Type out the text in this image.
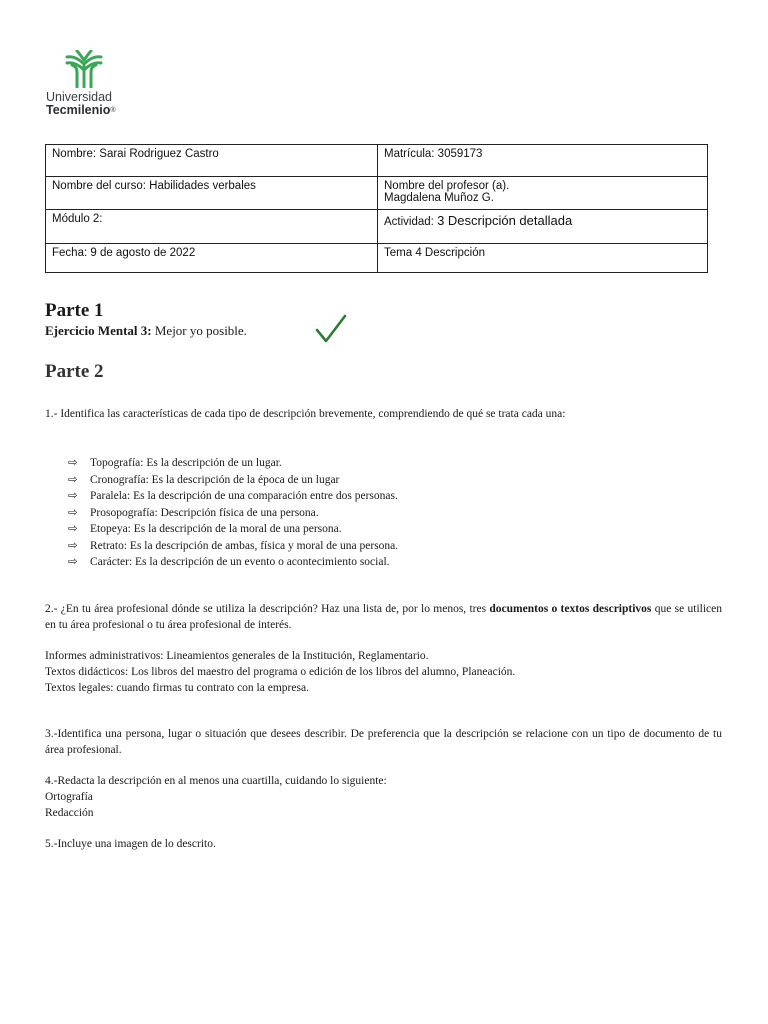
Universidad
Tecmilenio®
Nombre: Sarai Rodriguez Castro	Matrícula: 3059173
Nombre del curso: Habilidades verbales	Nombre del profesor (a).
Magdalena Muñoz G.

Módulo 2:	Actividad: 3 Descripción detallada
Fecha: 9 de agosto de 2022	Tema 4 Descripción
Parte 1
Ejercicio Mental 3: Mejor yo posible.
Parte 2
1.- Identifica las características de cada tipo de descripción brevemente, comprendiendo de qué se trata cada una:
⇨ Topografía: Es la descripción de un lugar.
⇨ Cronografía: Es la descripción de la época de un lugar
⇨ Paralela: Es la descripción de una comparación entre dos personas.
⇨ Prosopografía: Descripción física de una persona.
⇨ Etopeya: Es la descripción de la moral de una persona.
⇨ Retrato: Es la descripción de ambas, física y moral de una persona.
⇨ Carácter: Es la descripción de un evento o acontecimiento social.
2.- ¿En tu área profesional dónde se utiliza la descripción? Haz una lista de, por lo menos, tres documentos o textos descriptivos que se utilicen en tu área profesional o tu área profesional de interés.
Informes administrativos: Lineamientos generales de la Institución, Reglamentario.
Textos didácticos: Los libros del maestro del programa o edición de los libros del alumno, Planeación.
Textos legales: cuando firmas tu contrato con la empresa.
3.-Identifica una persona, lugar o situación que desees describir. De preferencia que la descripción se relacione con un tipo de documento de tu área profesional.
4.-Redacta la descripción en al menos una cuartilla, cuidando lo siguiente:
Ortografía
Redacción
5.-Incluye una imagen de lo descrito.
